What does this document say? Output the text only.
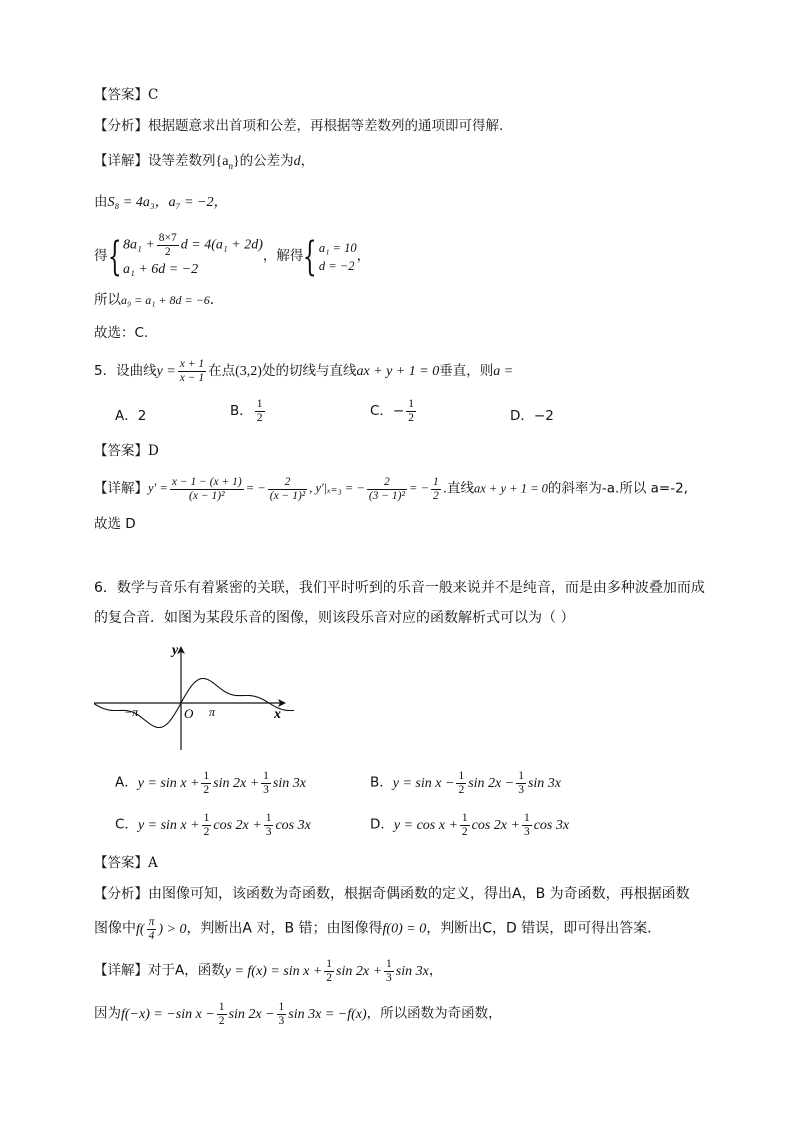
【答案】C
【分析】根据题意求出首项和公差，再根据等差数列的通项即可得解.
【详解】设等差数列$\{a_n\}$的公差为d，
由S₈ = 4a₃，a₇ = −2，
得{ $8a_1 + \frac{8\times 7}{2}$ d = 4(a₁ + 2d)
a₁ + 6d = −2
，解得{ a₁ = 10
d = −2
，
所以a₉ = a₁ + 8d = −6.
故选：C.
5．设曲线$y = \frac{x + 1}{x - 1}$ 在点(3,2)处的切线与直线ax + y + 1 = 0垂直，则a =
A．2	B． $\frac{1}{2}$	C．− $\frac{1}{2}$	D．−2
【答案】D
【详解】$y' = \frac{x - 1 - (x + 1)}{\text{(x − 1)²}}$ = − $\frac{2}{\text{(x − 1)²}}$ , y′|ₓ₌₃ = − $\frac{2}{\text{(3 − 1)²}}$ = − $\frac{1}{2}$ .直线ax + y + 1 = 0的斜率为-a.所以 a=-2,
故选 D
6．数学与音乐有着紧密的关联，我们平时听到的乐音一般来说并不是纯音，而是由多种波叠加而成
的复合音．如图为某段乐音的图像，则该段乐音对应的函数解析式可以为（ ）
y
x
O π
−π
A．$y = \sin x + \frac{1}{2}$ $\sin 2x + \frac{1}{3}$ sin 3x	B．$y = \sin x - \frac{1}{2}$ $\sin 2x - \frac{1}{3}$ sin 3x
C．$y = \sin x + \frac{1}{2}$ $\cos 2x + \frac{1}{3}$ cos 3x	D．$y = \cos x + \frac{1}{2}$ $\cos 2x + \frac{1}{3}$ cos 3x
【答案】A
【分析】由图像可知，该函数为奇函数，根据奇偶函数的定义，得出A，B 为奇函数，再根据函数
图像中$f( \frac{\pi}{4}$ ) > 0，判断出A 对，B 错；由图像得f(0) = 0，判断出C，D 错误，即可得出答案．
【详解】对于A，函数$y = f(x) = \sin x + \frac{1}{2}$ $\sin 2x + \frac{1}{3}$ sin 3x，
因为f(−x) = −sin $x - \frac{1}{2}$ $\sin 2x - \frac{1}{3}$ sin 3x = −f(x)，所以函数为奇函数，
